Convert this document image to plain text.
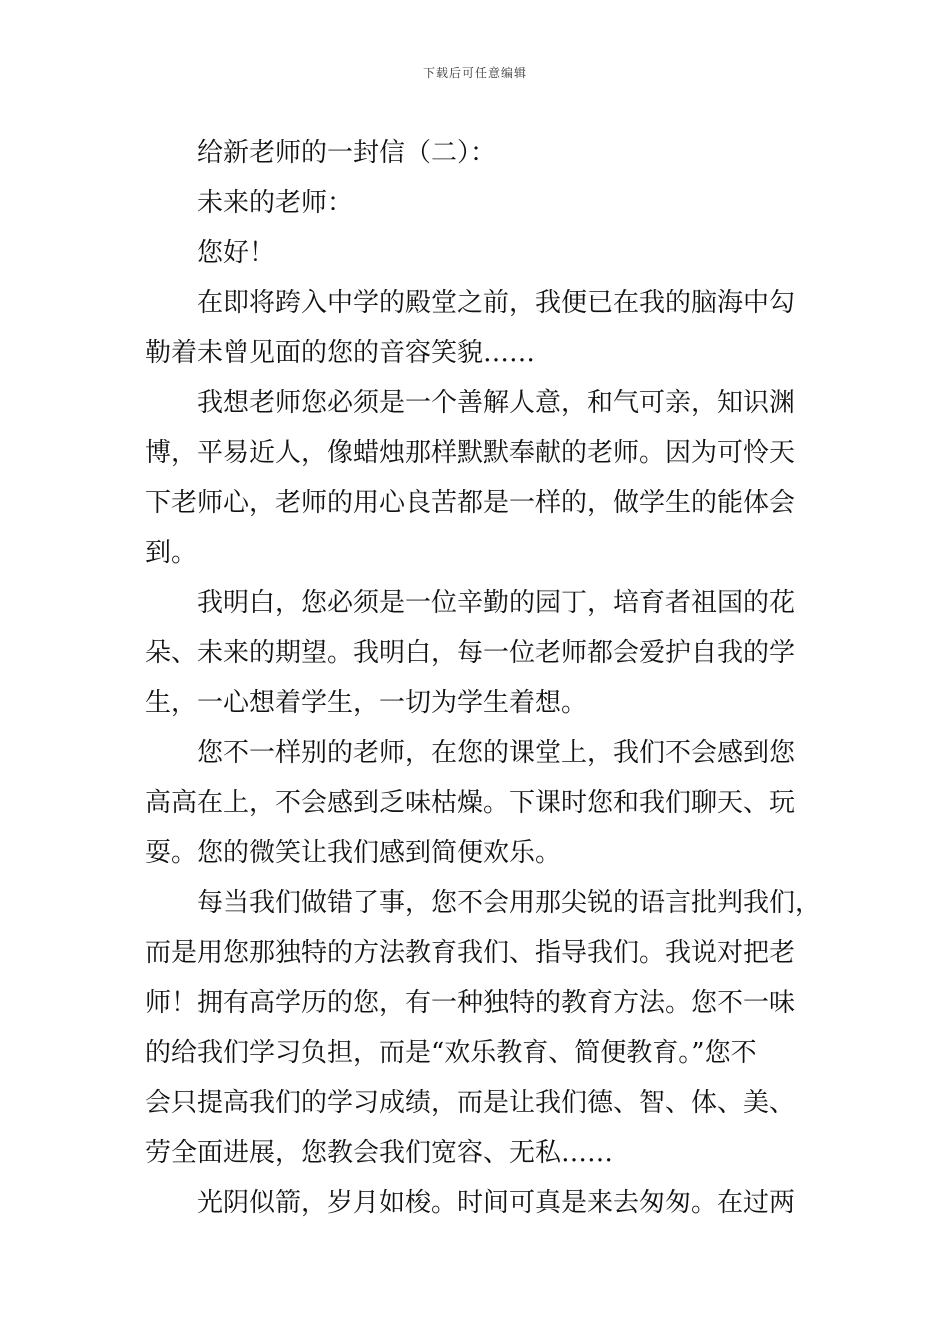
下载后可任意编辑
给新老师的一封信（二）：
未来的老师：
您好！
在即将跨入中学的殿堂之前，我便已在我的脑海中勾
勒着未曾见面的您的音容笑貌……
我想老师您必须是一个善解人意，和气可亲，知识渊
博，平易近人，像蜡烛那样默默奉献的老师。因为可怜天
下老师心，老师的用心良苦都是一样的，做学生的能体会
到。
我明白，您必须是一位辛勤的园丁，培育者祖国的花
朵、未来的期望。我明白，每一位老师都会爱护自我的学
生，一心想着学生，一切为学生着想。
您不一样别的老师，在您的课堂上，我们不会感到您
高高在上，不会感到乏味枯燥。下课时您和我们聊天、玩
耍。您的微笑让我们感到简便欢乐。
每当我们做错了事，您不会用那尖锐的语言批判我们，
而是用您那独特的方法教育我们、指导我们。我说对把老
师！拥有高学历的您，有一种独特的教育方法。您不一味
的给我们学习负担，而是“欢乐教育、简便教育。”您不
会只提高我们的学习成绩，而是让我们德、智、体、美、
劳全面进展，您教会我们宽容、无私……
光阴似箭，岁月如梭。时间可真是来去匆匆。在过两
